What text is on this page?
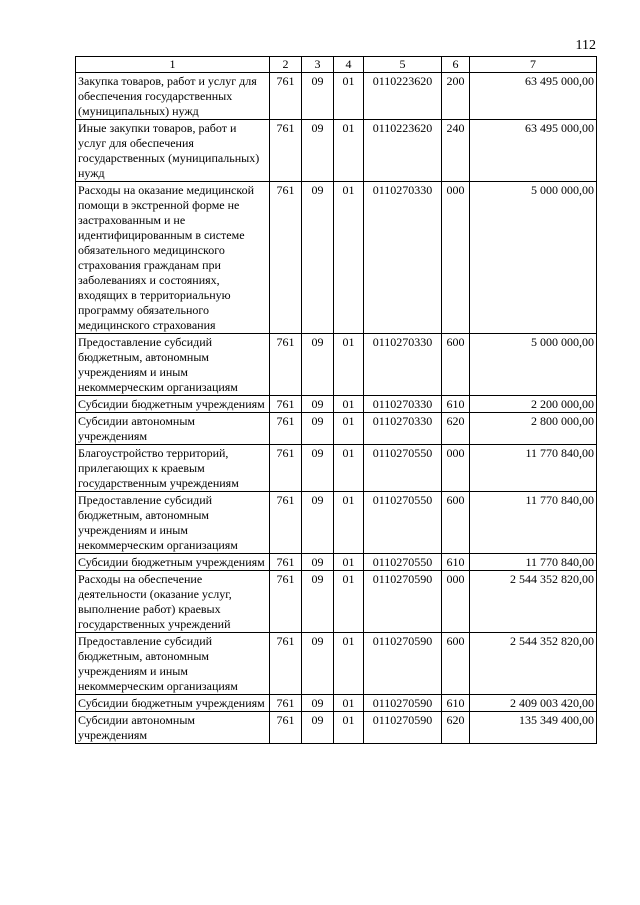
112
1	2	3	4	5	6	7
Закупка товаров, работ и услуг для обеспечения государственных (муниципальных) нужд	761	09	01	0110223620	200	63 495 000,00
Иные закупки товаров, работ и услуг для обеспечения государственных (муниципальных) нужд	761	09	01	0110223620	240	63 495 000,00
Расходы на оказание медицинской помощи в экстренной форме не застрахованным и не идентифицированным в системе обязательного медицинского страхования гражданам при заболеваниях и состояниях, входящих в территориальную программу обязательного медицинского страхования	761	09	01	0110270330	000	5 000 000,00
Предоставление субсидий бюджетным, автономным учреждениям и иным некоммерческим организациям	761	09	01	0110270330	600	5 000 000,00
Субсидии бюджетным учреждениям	761	09	01	0110270330	610	2 200 000,00
Субсидии автономным учреждениям	761	09	01	0110270330	620	2 800 000,00
Благоустройство территорий, прилегающих к краевым государственным учреждениям	761	09	01	0110270550	000	11 770 840,00
Предоставление субсидий бюджетным, автономным учреждениям и иным некоммерческим организациям	761	09	01	0110270550	600	11 770 840,00
Субсидии бюджетным учреждениям	761	09	01	0110270550	610	11 770 840,00
Расходы на обеспечение деятельности (оказание услуг, выполнение работ) краевых государственных учреждений	761	09	01	0110270590	000	2 544 352 820,00
Предоставление субсидий бюджетным, автономным учреждениям и иным некоммерческим организациям	761	09	01	0110270590	600	2 544 352 820,00
Субсидии бюджетным учреждениям	761	09	01	0110270590	610	2 409 003 420,00
Субсидии автономным учреждениям	761	09	01	0110270590	620	135 349 400,00
